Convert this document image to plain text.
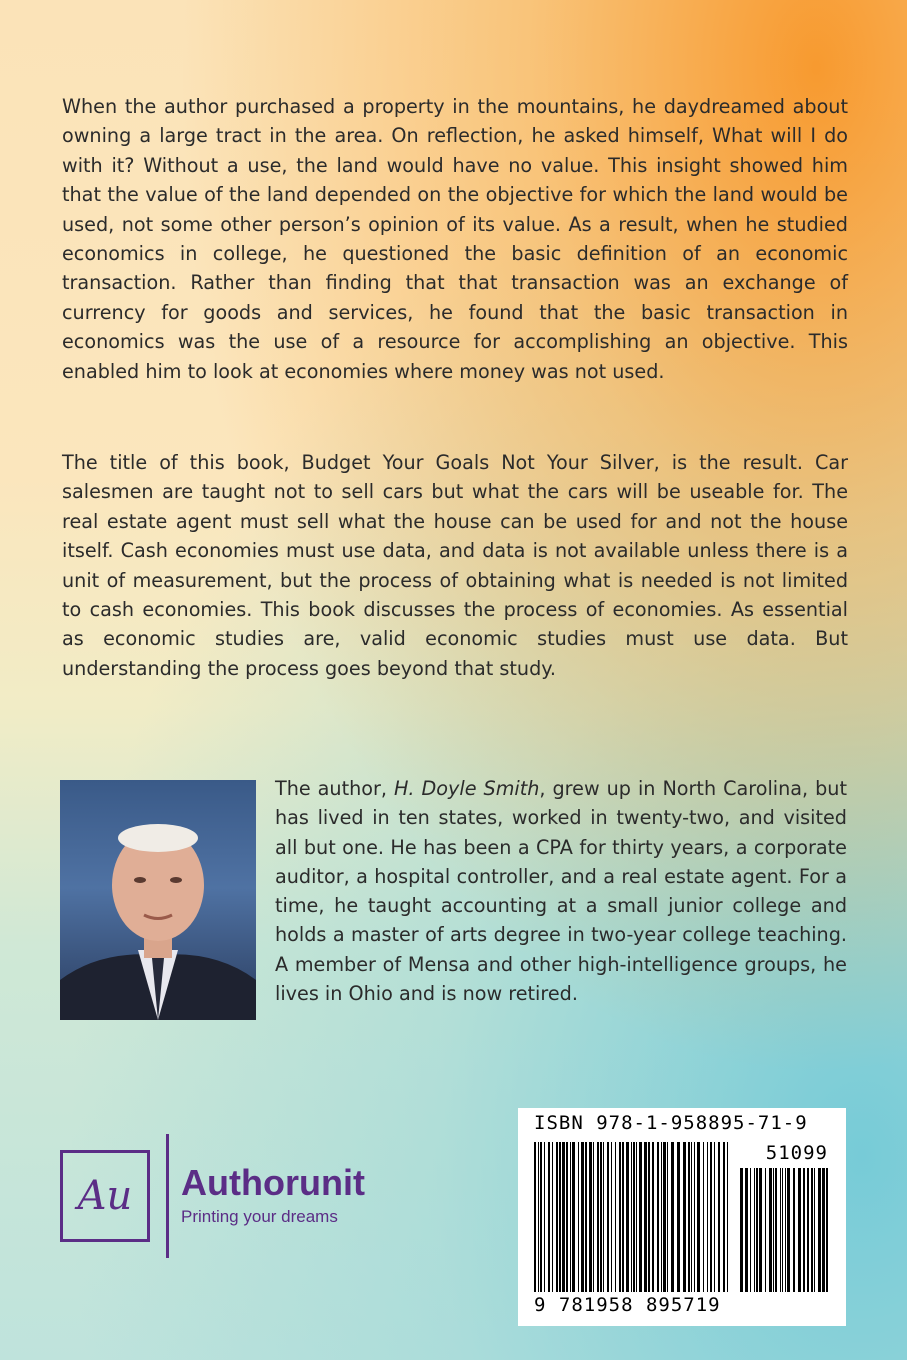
When the author purchased a property in the mountains, he daydreamed about owning a large tract in the area. On reflection, he asked himself, What will I do with it? Without a use, the land would have no value. This insight showed him that the value of the land depended on the objective for which the land would be used, not some other person’s opinion of its value. As a result, when he studied economics in college, he questioned the basic definition of an economic transaction. Rather than finding that that transaction was an exchange of currency for goods and services, he found that the basic transaction in economics was the use of a resource for accomplishing an objective. This enabled him to look at economies where money was not used.

The title of this book, Budget Your Goals Not Your Silver, is the result. Car salesmen are taught not to sell cars but what the cars will be useable for. The real estate agent must sell what the house can be used for and not the house itself. Cash economies must use data, and data is not available unless there is a unit of measurement, but the process of obtaining what is needed is not limited to cash economies. This book discusses the process of economies. As essential as economic studies are, valid economic studies must use data. But understanding the process goes beyond that study.

The author, H. Doyle Smith, grew up in North Carolina, but has lived in ten states, worked in twenty-two, and visited all but one. He has been a CPA for thirty years, a corporate auditor, a hospital controller, and a real estate agent. For a time, he taught accounting at a small junior college and holds a master of arts degree in two-year college teaching. A member of Mensa and other high-intelligence groups, he lives in Ohio and is now retired.

Au	Authorunit
Printing your dreams
ISBN 978-1-958895-71-9
51099
9 781958 895719
